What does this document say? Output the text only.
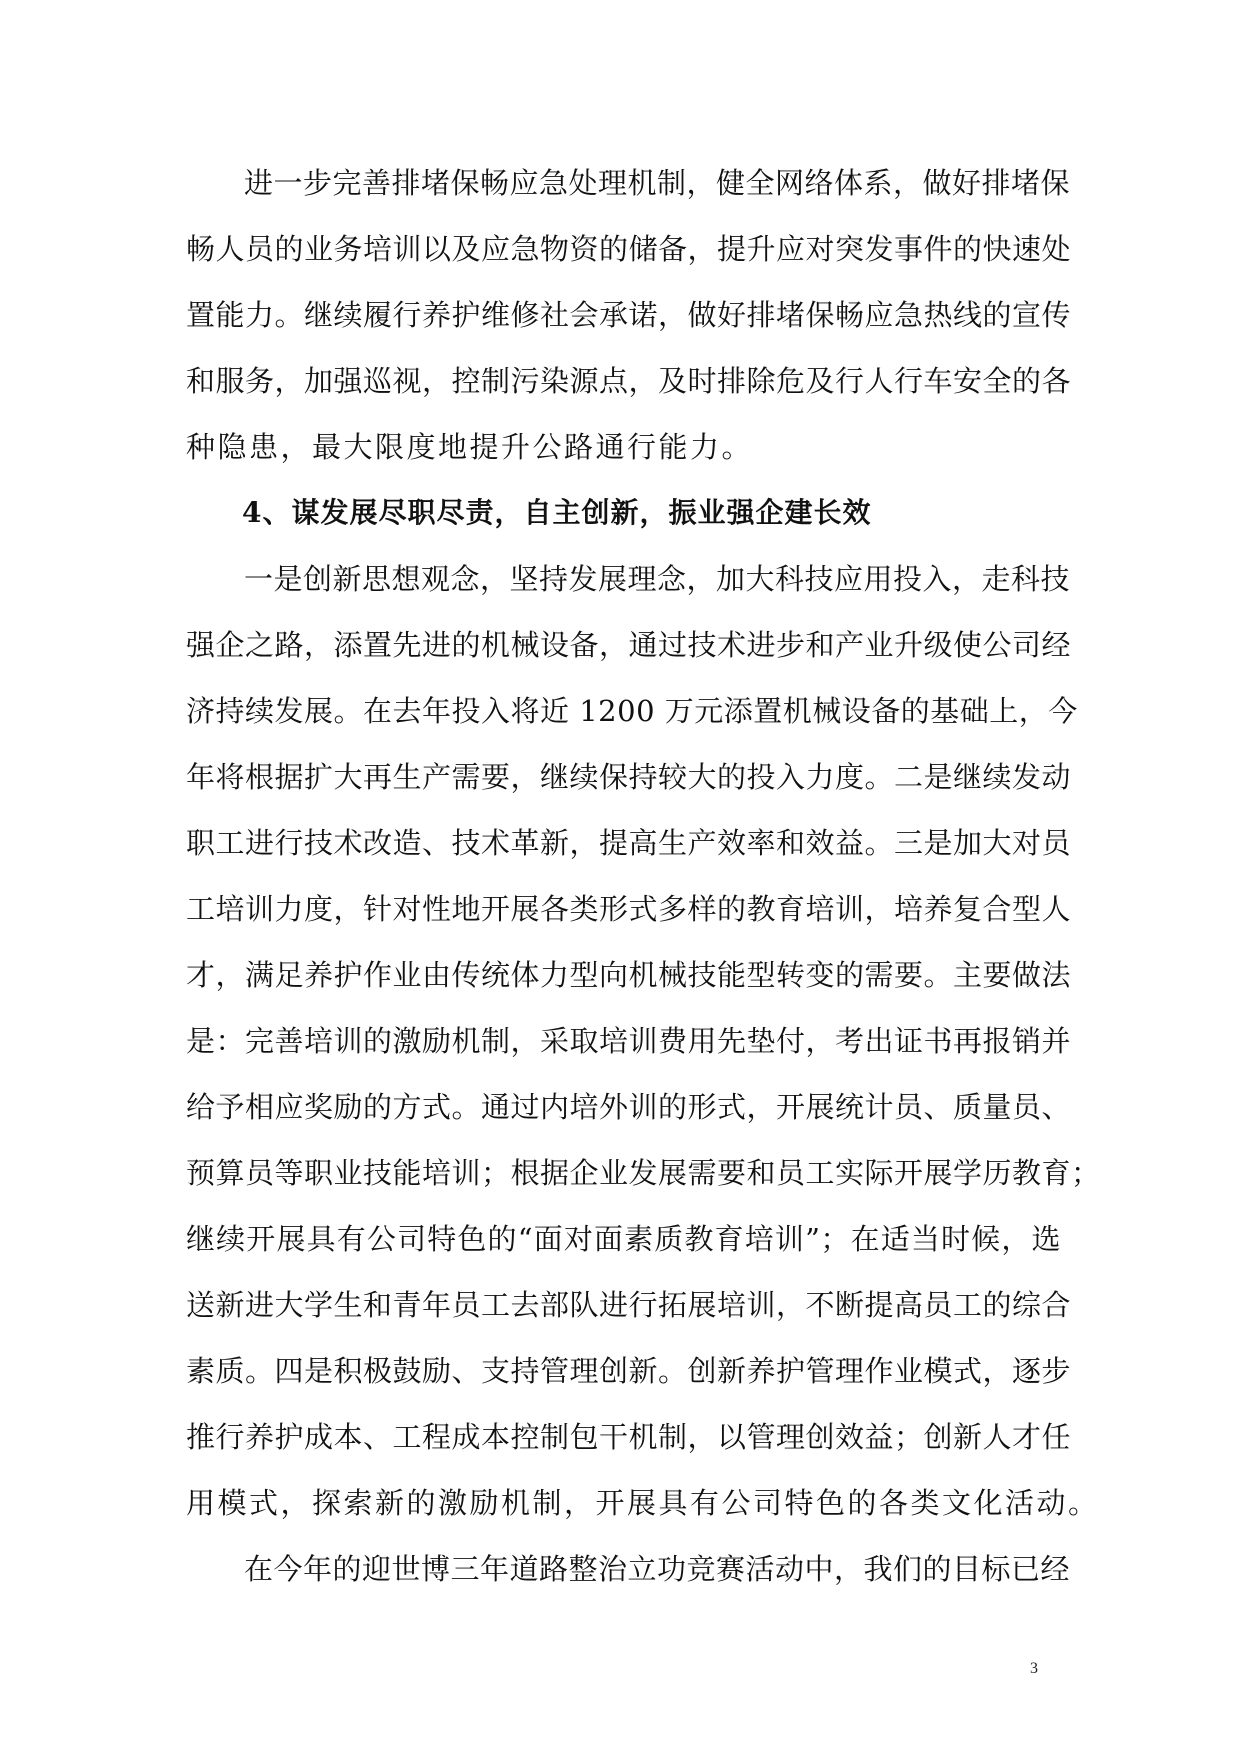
进一步完善排堵保畅应急处理机制，健全网络体系，做好排堵保
畅人员的业务培训以及应急物资的储备，提升应对突发事件的快速处
置能力。继续履行养护维修社会承诺，做好排堵保畅应急热线的宣传
和服务，加强巡视，控制污染源点，及时排除危及行人行车安全的各
种隐患，最大限度地提升公路通行能力。
4、谋发展尽职尽责，自主创新，振业强企建长效
一是创新思想观念，坚持发展理念，加大科技应用投入，走科技
强企之路，添置先进的机械设备，通过技术进步和产业升级使公司经
济持续发展。在去年投入将近 1200 万元添置机械设备的基础上，今
年将根据扩大再生产需要，继续保持较大的投入力度。二是继续发动
职工进行技术改造、技术革新，提高生产效率和效益。三是加大对员
工培训力度，针对性地开展各类形式多样的教育培训，培养复合型人
才，满足养护作业由传统体力型向机械技能型转变的需要。主要做法
是：完善培训的激励机制，采取培训费用先垫付，考出证书再报销并
给予相应奖励的方式。通过内培外训的形式，开展统计员、质量员、
预算员等职业技能培训；根据企业发展需要和员工实际开展学历教育；
继续开展具有公司特色的“面对面素质教育培训”；在适当时候，选
送新进大学生和青年员工去部队进行拓展培训，不断提高员工的综合
素质。四是积极鼓励、支持管理创新。创新养护管理作业模式，逐步
推行养护成本、工程成本控制包干机制，以管理创效益；创新人才任
用模式，探索新的激励机制，开展具有公司特色的各类文化活动。
在今年的迎世博三年道路整治立功竞赛活动中，我们的目标已经
3
